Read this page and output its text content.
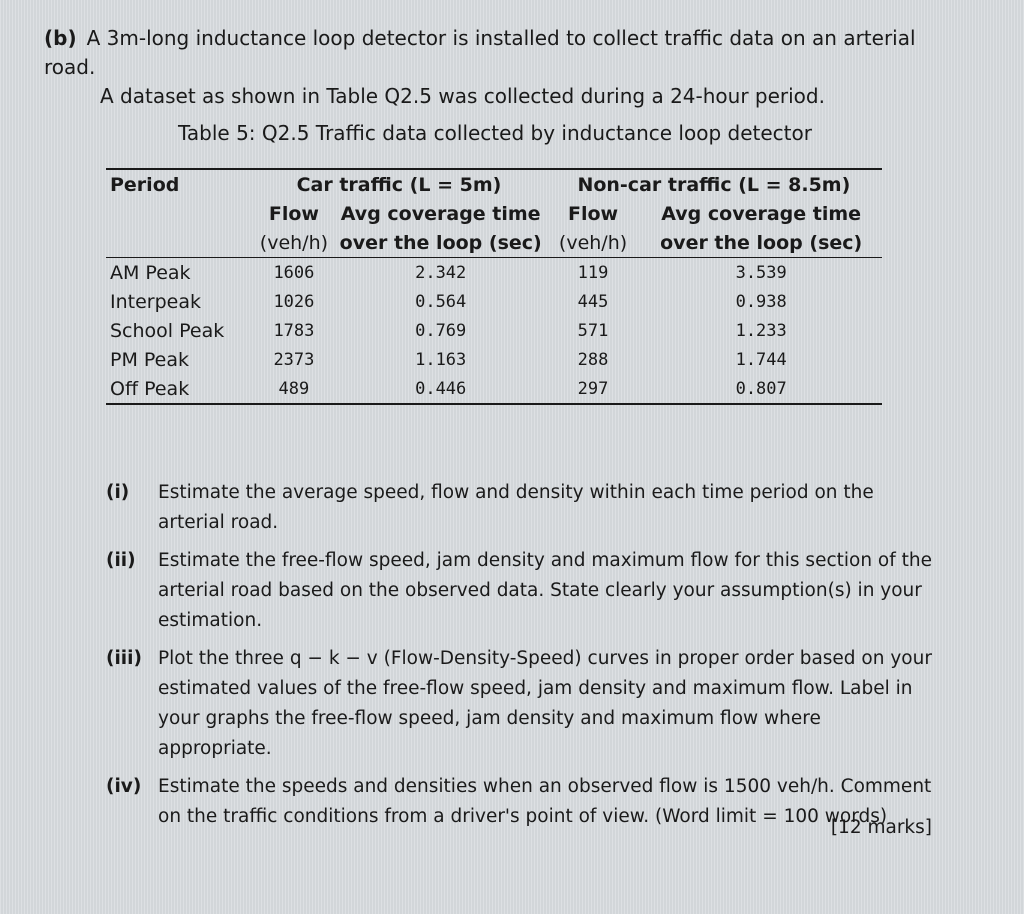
(b) A 3m-long inductance loop detector is installed to collect traffic data on an arterial road.
A dataset as shown in Table Q2.5 was collected during a 24-hour period.
Table 5: Q2.5 Traffic data collected by inductance loop detector
Period	Car traffic (L = 5m)		Non-car traffic (L = 8.5m)	
	Flow	Avg coverage time	Flow	Avg coverage time
	(veh/h)	over the loop (sec)	(veh/h)	over the loop (sec)
AM Peak	1606	2.342	119	3.539
Interpeak	1026	0.564	445	0.938
School Peak	1783	0.769	571	1.233
PM Peak	2373	1.163	288	1.744
Off Peak	489	0.446	297	0.807
(i)	Estimate the average speed, flow and density within each time period on the arterial road.
(ii)	Estimate the free-flow speed, jam density and maximum flow for this section of the arterial road based on the observed data. State clearly your assumption(s) in your estimation.
(iii) Plot the three q − k − v (Flow-Density-Speed) curves in proper order based on your estimated values of the free-flow speed, jam density and maximum flow. Label in your graphs the free-flow speed, jam density and maximum flow where appropriate.
(iv) Estimate the speeds and densities when an observed flow is 1500 veh/h. Comment on the traffic conditions from a driver's point of view. (Word limit = 100 words)
[12 marks]
